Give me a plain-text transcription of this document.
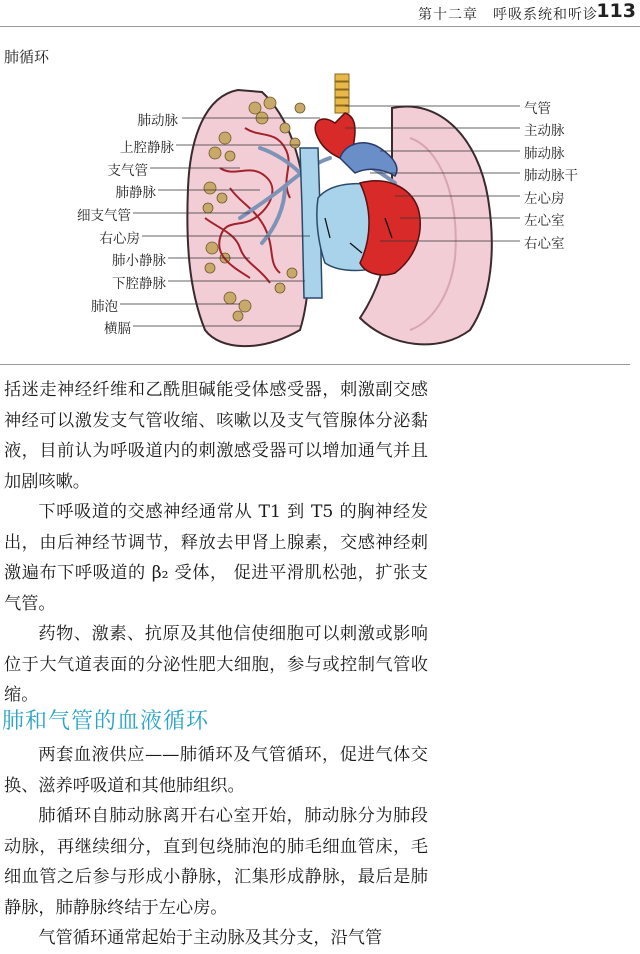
第十二章　呼吸系统和听诊
113
肺循环
肺动脉
上腔静脉
支气管
肺静脉
细支气管
右心房
肺小静脉
下腔静脉
肺泡
横膈
气管
主动脉
肺动脉
肺动脉干
左心房
左心室
右心室

括迷走神经纤维和乙酰胆碱能受体感受器，刺激副交感神经可以激发支气管收缩、咳嗽以及支气管腺体分泌黏液，目前认为呼吸道内的刺激感受器可以增加通气并且加剧咳嗽。

下呼吸道的交感神经通常从 T1 到 T5 的胸神经发出，由后神经节调节，释放去甲肾上腺素，交感神经刺激遍布下呼吸道的 β₂ 受体， 促进平滑肌松弛，扩张支气管。

药物、激素、抗原及其他信使细胞可以刺激或影响位于大气道表面的分泌性肥大细胞，参与或控制气管收缩。

肺和气管的血液循环

两套血液供应——肺循环及气管循环，促进气体交换、滋养呼吸道和其他肺组织。

肺循环自肺动脉离开右心室开始，肺动脉分为肺段动脉，再继续细分，直到包绕肺泡的肺毛细血管床，毛细血管之后参与形成小静脉，汇集形成静脉，最后是肺静脉，肺静脉终结于左心房。

气管循环通常起始于主动脉及其分支，沿气管
